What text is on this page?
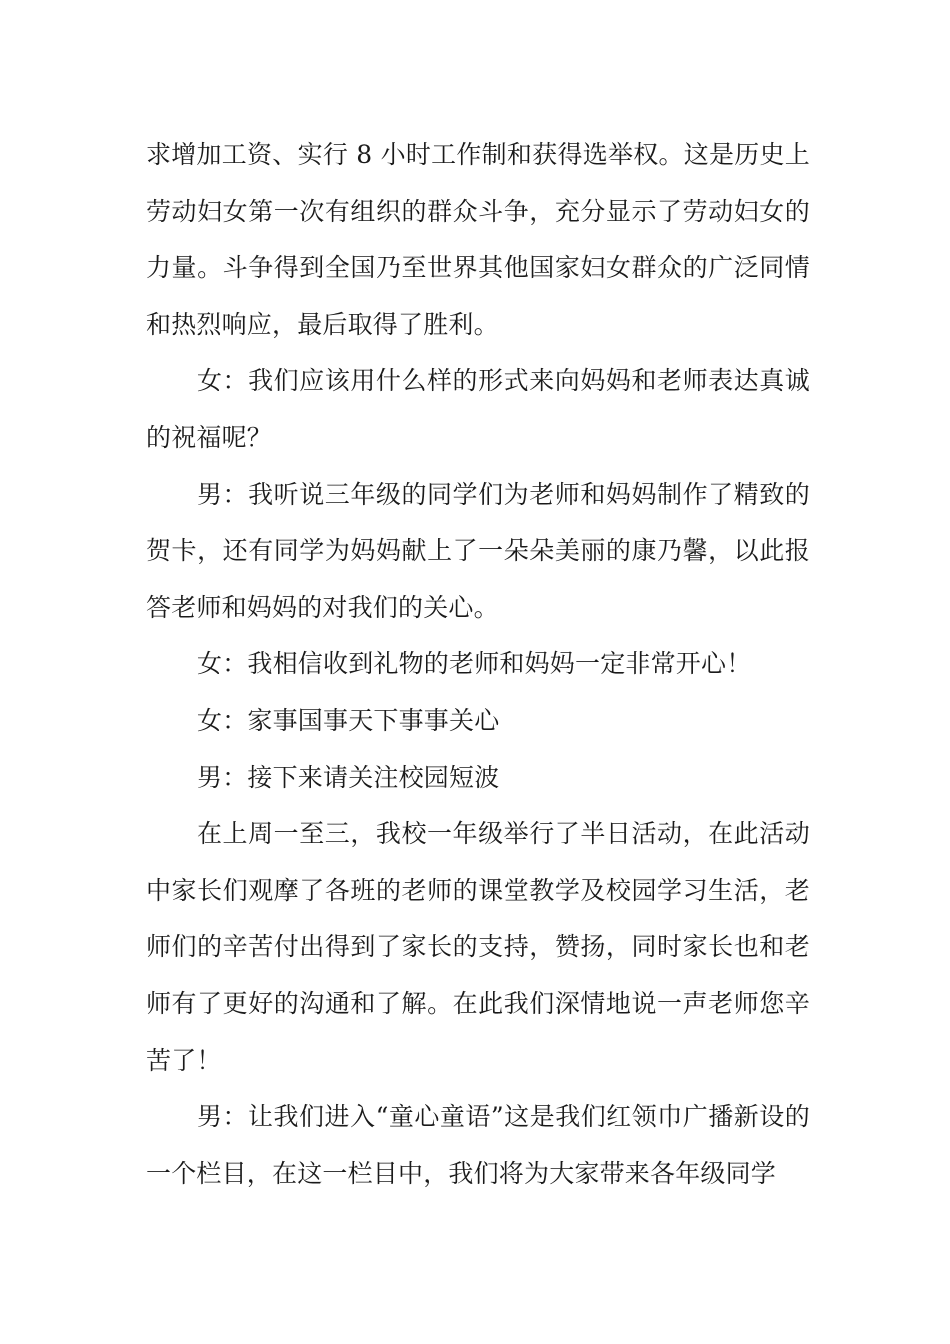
求增加工资、实行 8 小时工作制和获得选举权。这是历史上劳动妇女第一次有组织的群众斗争，充分显示了劳动妇女的力量。斗争得到全国乃至世界其他国家妇女群众的广泛同情和热烈响应，最后取得了胜利。

女：我们应该用什么样的形式来向妈妈和老师表达真诚的祝福呢？

男：我听说三年级的同学们为老师和妈妈制作了精致的贺卡，还有同学为妈妈献上了一朵朵美丽的康乃馨，以此报答老师和妈妈的对我们的关心。

女：我相信收到礼物的老师和妈妈一定非常开心！

女：家事国事天下事事关心

男：接下来请关注校园短波

在上周一至三，我校一年级举行了半日活动，在此活动中家长们观摩了各班的老师的课堂教学及校园学习生活，老师们的辛苦付出得到了家长的支持，赞扬，同时家长也和老师有了更好的沟通和了解。在此我们深情地说一声老师您辛苦了！

男：让我们进入“童心童语”这是我们红领巾广播新设的一个栏目，在这一栏目中，我们将为大家带来各年级同学
